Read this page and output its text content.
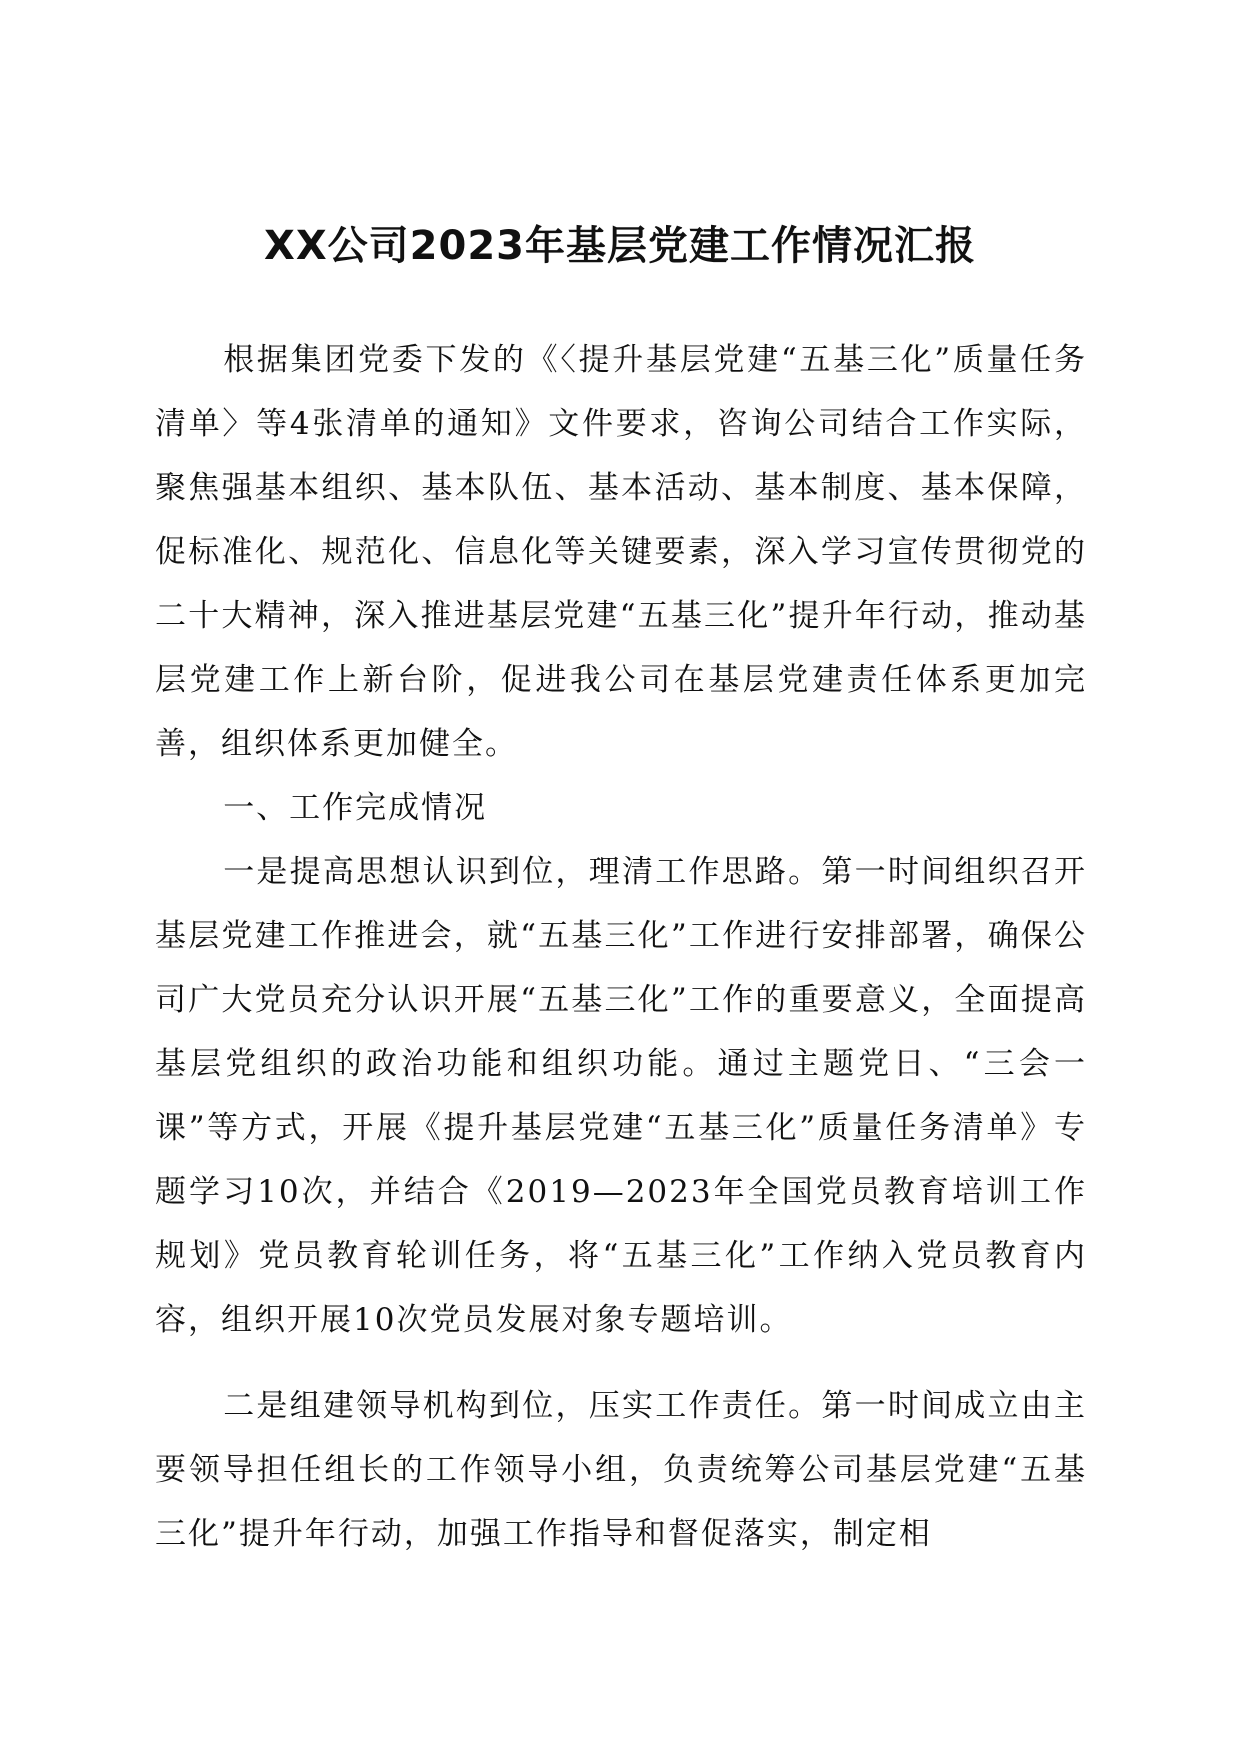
XX公司2023年基层党建工作情况汇报

根据集团党委下发的《〈提升基层党建“五基三化”质量任务清单〉等4张清单的通知》文件要求，咨询公司结合工作实际，聚焦强基本组织、基本队伍、基本活动、基本制度、基本保障，促标准化、规范化、信息化等关键要素，深入学习宣传贯彻党的二十大精神，深入推进基层党建“五基三化”提升年行动，推动基层党建工作上新台阶，促进我公司在基层党建责任体系更加完善，组织体系更加健全。

一、工作完成情况

一是提高思想认识到位，理清工作思路。第一时间组织召开基层党建工作推进会，就“五基三化”工作进行安排部署，确保公司广大党员充分认识开展“五基三化”工作的重要意义，全面提高基层党组织的政治功能和组织功能。通过主题党日、“三会一课”等方式，开展《提升基层党建“五基三化”质量任务清单》专题学习10次，并结合《2019—2023年全国党员教育培训工作规划》党员教育轮训任务，将“五基三化”工作纳入党员教育内容，组织开展10次党员发展对象专题培训。

二是组建领导机构到位，压实工作责任。第一时间成立由主要领导担任组长的工作领导小组，负责统筹公司基层党建“五基三化”提升年行动，加强工作指导和督促落实，制定相
